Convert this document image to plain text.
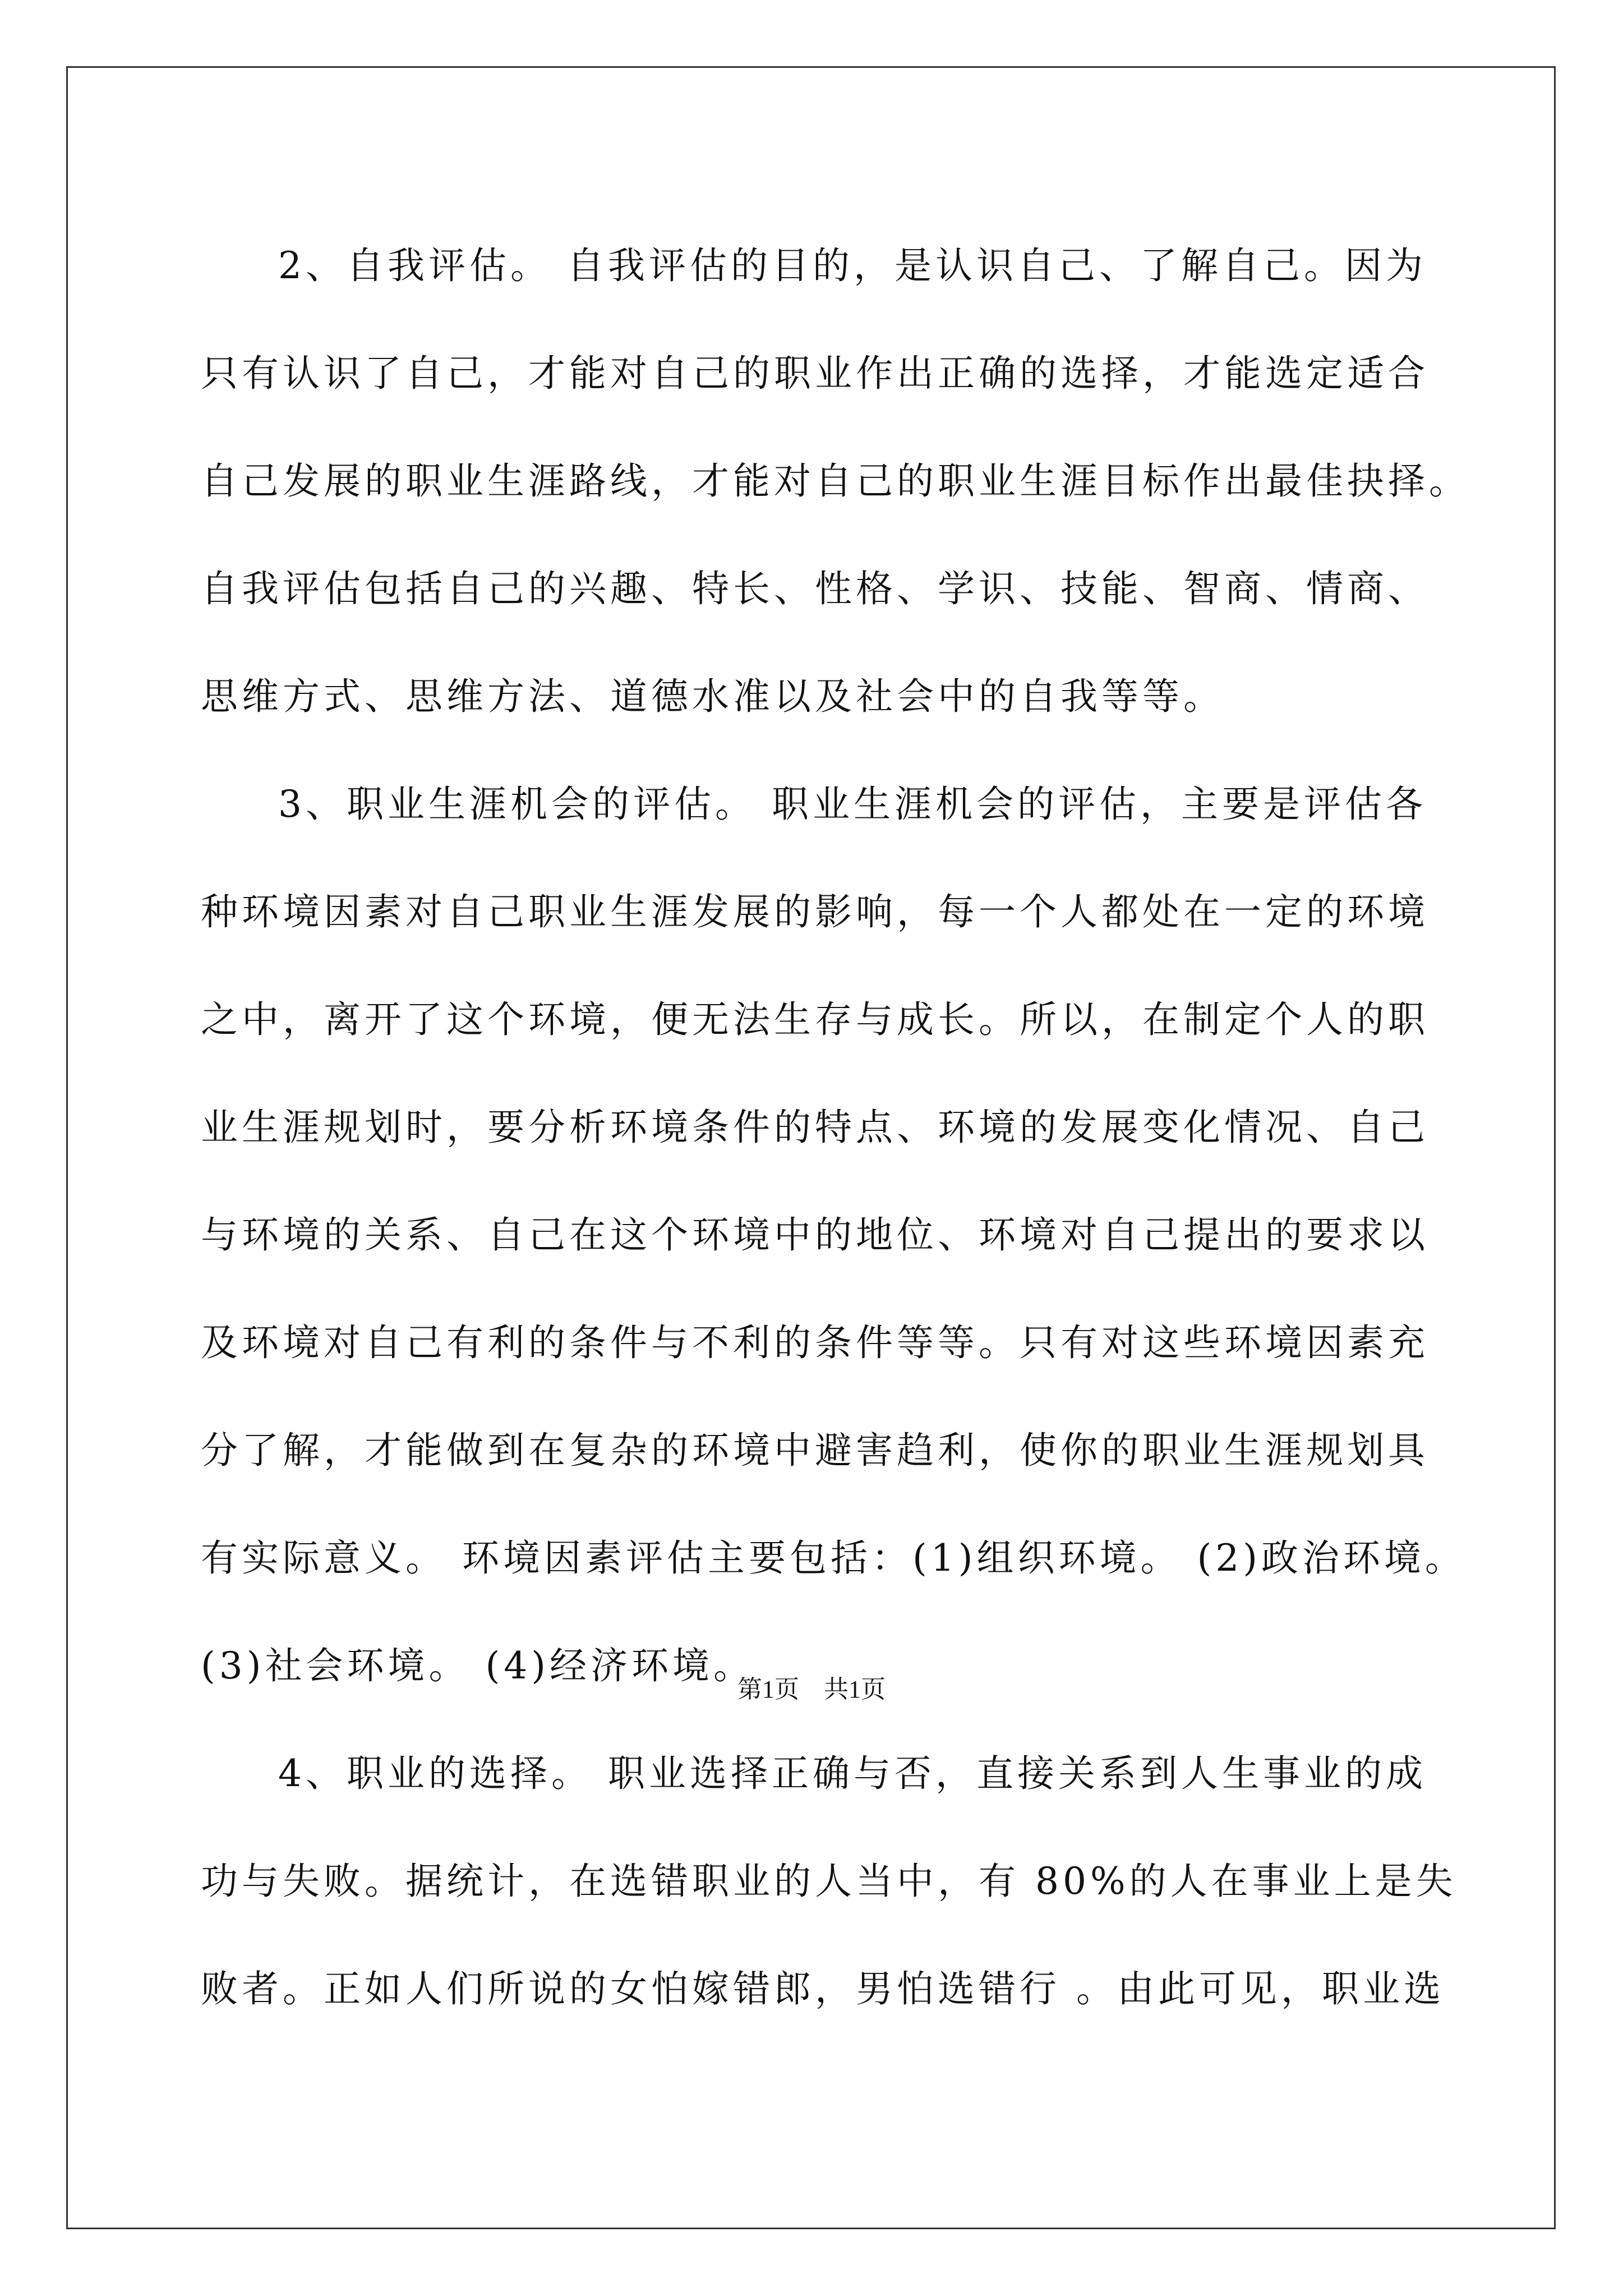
2、自我评估。 自我评估的目的，是认识自己、了解自己。因为
只有认识了自己，才能对自己的职业作出正确的选择，才能选定适合
自己发展的职业生涯路线，才能对自己的职业生涯目标作出最佳抉择。
自我评估包括自己的兴趣、特长、性格、学识、技能、智商、情商、
思维方式、思维方法、道德水准以及社会中的自我等等。
3、职业生涯机会的评估。 职业生涯机会的评估，主要是评估各
种环境因素对自己职业生涯发展的影响，每一个人都处在一定的环境
之中，离开了这个环境，便无法生存与成长。所以，在制定个人的职
业生涯规划时，要分析环境条件的特点、环境的发展变化情况、自己
与环境的关系、自己在这个环境中的地位、环境对自己提出的要求以
及环境对自己有利的条件与不利的条件等等。只有对这些环境因素充
分了解，才能做到在复杂的环境中避害趋利，使你的职业生涯规划具
有实际意义。 环境因素评估主要包括：(1)组织环境。 (2)政治环境。
(3)社会环境。 (4)经济环境。
4、职业的选择。 职业选择正确与否，直接关系到人生事业的成
功与失败。据统计，在选错职业的人当中，有 80%的人在事业上是失
败者。正如人们所说的女怕嫁错郎，男怕选错行 。由此可见，职业选
第1页　共1页
